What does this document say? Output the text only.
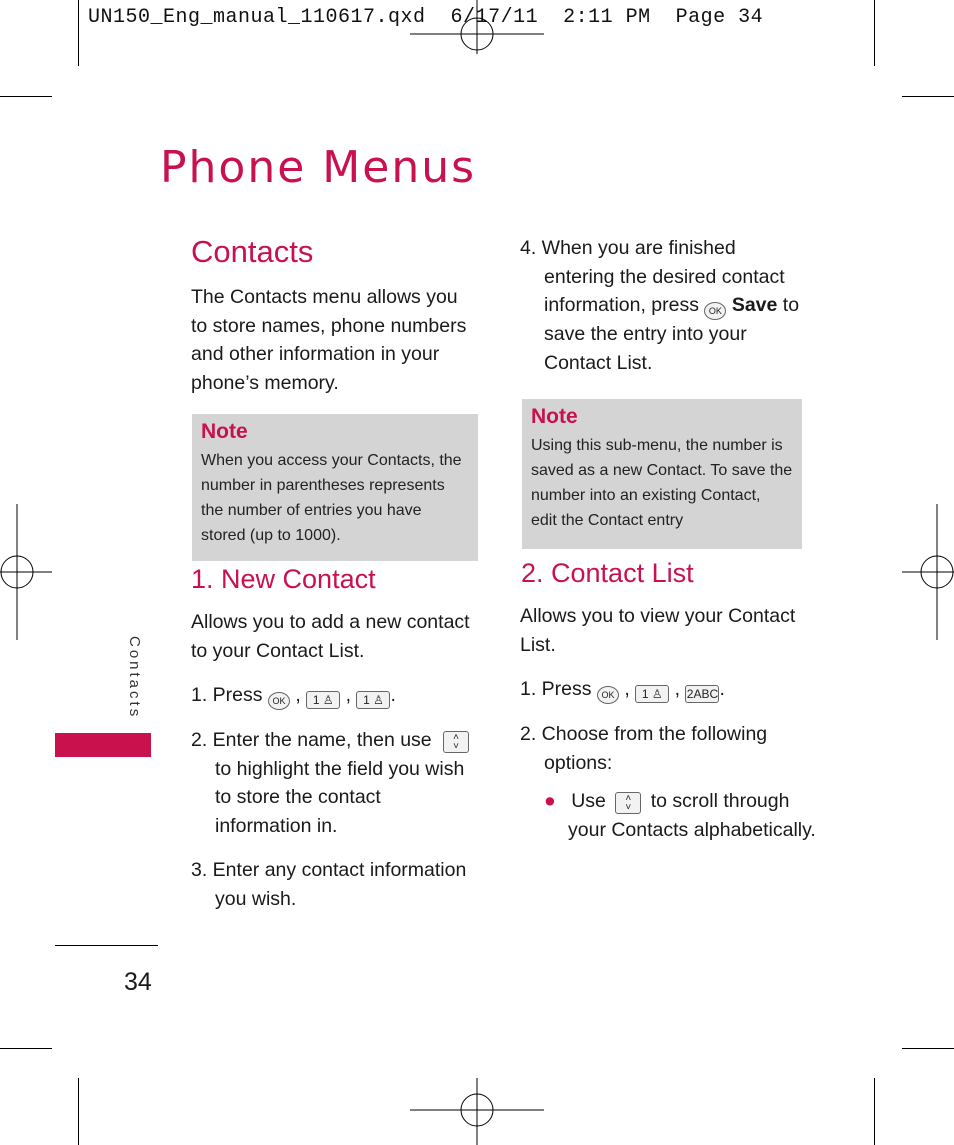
UN150_Eng_manual_110617.qxd  6/17/11  2:11 PM  Page 34
Phone Menus
Contacts
34
Contacts
The Contacts menu allows you
to store names, phone numbers
and other information in your
phone’s memory.
Note
When you access your Contacts, the
number in parentheses represents
the number of entries you have
stored (up to 1000).
1. New Contact
Allows you to add a new contact
to your Contact List.
1. Press OK , 1 ♙ , 1 ♙ .
2. Enter the name, then use ˄
˅
to highlight the field you wish
to store the contact
information in.
3. Enter any contact information
you wish.
4. When you are finished
entering the desired contact
information, press OK Save to
save the entry into your
Contact List.
Note
Using this sub-menu, the number is
saved as a new Contact. To save the
number into an existing Contact,
edit the Contact entry
2. Contact List
Allows you to view your Contact
List.
1. Press OK , 1 ♙ , 2ABC.
2. Choose from the following
options:
● Use ˄
˅ to scroll through
your Contacts alphabetically.
